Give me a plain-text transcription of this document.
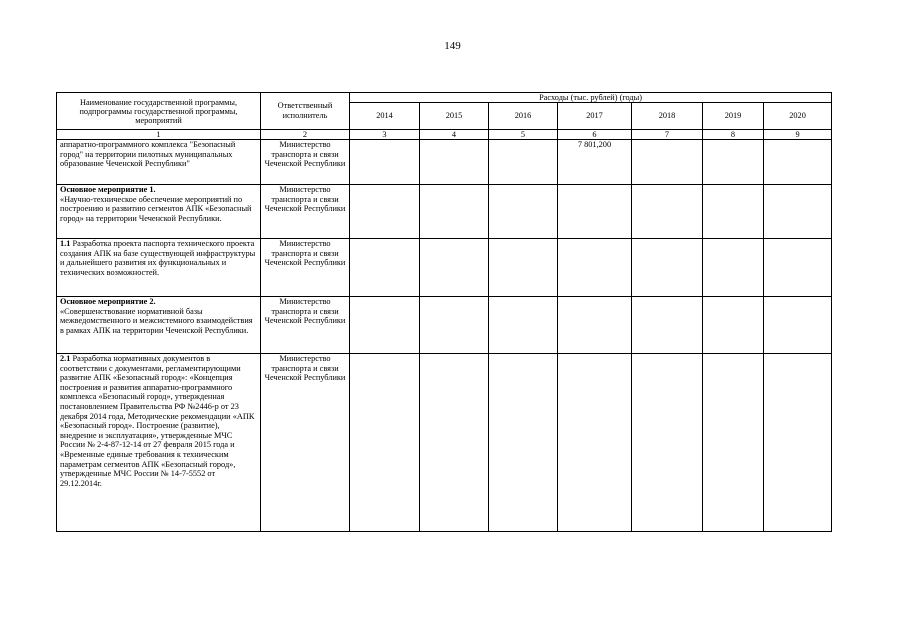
149
Наименование государственной программы, подпрограммы государственной программы, мероприятий	Ответственный исполнитель	Расходы (тыс. рублей) (годы)						
		2014	2015	2016	2017	2018	2019	2020
1	2	3	4	5	6	7	8	9
аппаратно-программного комплекса "Безопасный город" на территории пилотных муниципальных образование Чеченской Республики"	Министерство транспорта и связи Чеченской Республики				7 801,200			
Основное мероприятие 1.
«Научно-техническое обеспечение мероприятий по построению и развитию сегментов АПК «Безопасный город» на территории Чеченской Республики.	Министерство транспорта и связи Чеченской Республики							
1.1 Разработка проекта паспорта технического проекта создания АПК на базе существующей инфраструктуры и дальнейшего развития их функциональных и технических возможностей.	Министерство транспорта и связи Чеченской Республики							
Основное мероприятие 2.
«Совершенствование нормативной базы межведомственного и межсистемного взаимодействия в рамках АПК на территории Чеченской Республики.	Министерство транспорта и связи Чеченской Республики							
2.1 Разработка нормативных документов в соответствии с документами, регламентирующими развитие АПК «Безопасный город»: «Концепция построения и развития аппаратно-программного комплекса «Безопасный город», утвержденная постановлением Правительства РФ №2446-р от 23 декабря 2014 года, Методические рекомендации «АПК «Безопасный город». Построение (развитие), внедрение и эксплуатация», утвержденные МЧС России № 2-4-87-12-14 от 27 февраля 2015 года и «Временные единые требования к техническим параметрам сегментов АПК «Безопасный город», утвержденные МЧС России № 14-7-5552 от 29.12.2014г.	Министерство транспорта и связи Чеченской Республики							
